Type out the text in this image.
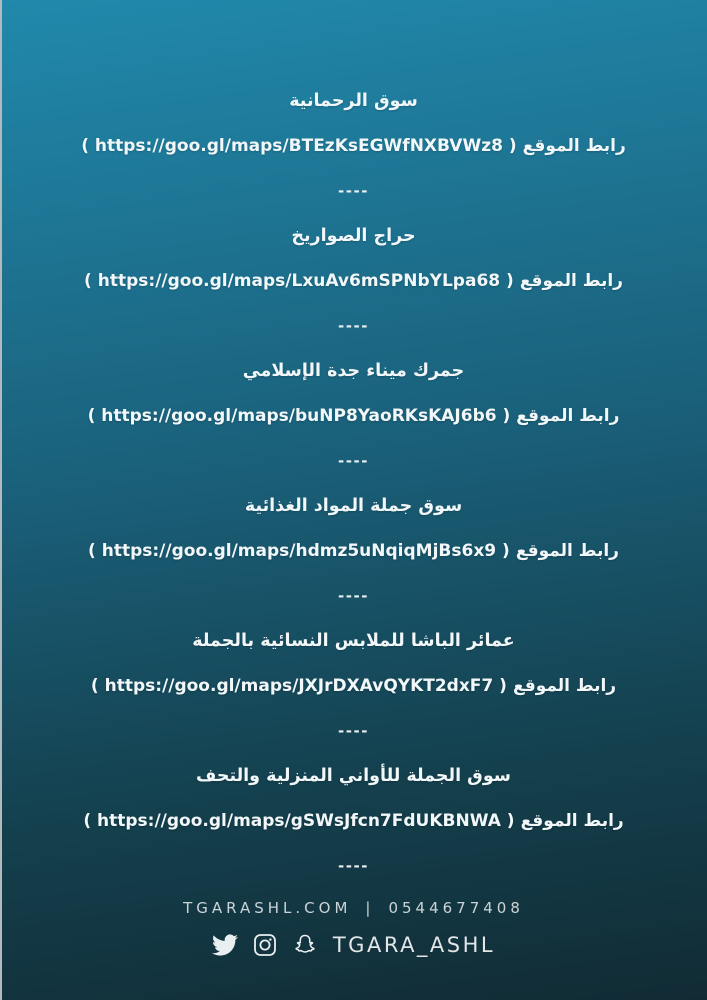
سوق الرحمانية
رابط الموقع
( https://goo.gl/maps/BTEzKsEGWfNXBVWz8 )
----
حراج الصواريخ
رابط الموقع
( https://goo.gl/maps/LxuAv6mSPNbYLpa68 )
----
جمرك ميناء جدة الإسلامي
رابط الموقع
( https://goo.gl/maps/buNP8YaoRKsKAJ6b6 )
----
سوق جملة المواد الغذائية
رابط الموقع
( https://goo.gl/maps/hdmz5uNqiqMjBs6x9 )
----
عمائر الباشا للملابس النسائية بالجملة
رابط الموقع
( https://goo.gl/maps/JXJrDXAvQYKT2dxF7 )
----
سوق الجملة للأواني المنزلية والتحف
رابط الموقع
( https://goo.gl/maps/gSWsJfcn7FdUKBNWA )
----
TGARASHL.COM | 0544677408
TGARA_ASHL
